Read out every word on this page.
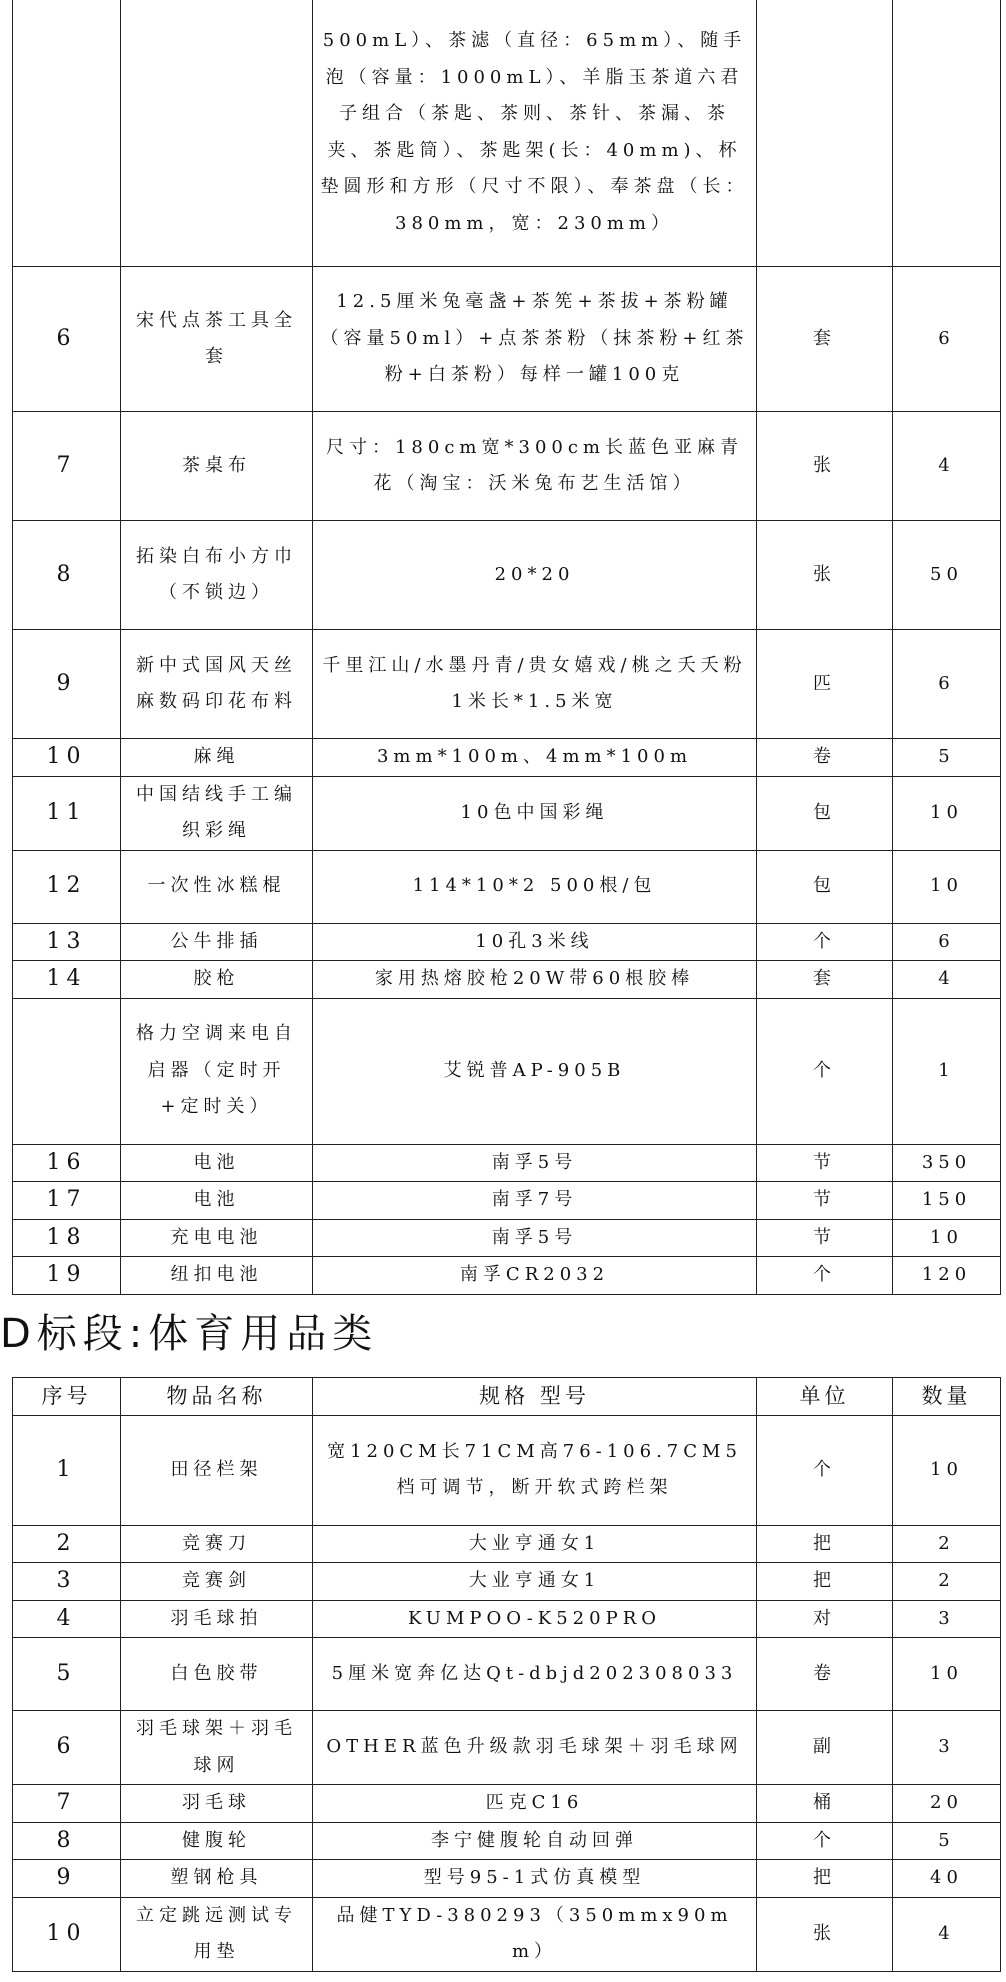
		500mL）、茶滤（直径：65mm）、随手泡（容量：1000mL）、羊脂玉茶道六君子组合（茶匙、茶则、茶针、茶漏、茶夹、茶匙筒）、茶匙架(长：40mm)、杯垫圆形和方形（尺寸不限）、奉茶盘（长：380mm，宽：230mm）		
6	宋代点茶工具全套	12.5厘米兔毫盏+茶筅+茶拔+茶粉罐（容量50ml）+点茶茶粉（抹茶粉+红茶粉+白茶粉）每样一罐100克	套	6
7	茶桌布	尺寸：180cm宽*300cm长蓝色亚麻青花（淘宝：沃米兔布艺生活馆）	张	4
8	拓染白布小方巾（不锁边）	20*20	张	50
9	新中式国风天丝麻数码印花布料	千里江山/水墨丹青/贵女嬉戏/桃之夭夭粉1米长*1.5米宽	匹	6
10	麻绳	3mm*100m、4mm*100m	卷	5
11	中国结线手工编织彩绳	10色中国彩绳	包	10
12	一次性冰糕棍	114*10*2 500根/包	包	10
13	公牛排插	10孔3米线	个	6
14	胶枪	家用热熔胶枪20W带60根胶棒	套	4
	格力空调来电自启器（定时开+定时关）	艾锐普AP-905B	个	1
16	电池	南孚5号	节	350
17	电池	南孚7号	节	150
18	充电电池	南孚5号	节	10
19	纽扣电池	南孚CR2032	个	120
D标段:体育用品类
序号	物品名称	规格 型号	单位	数量
1	田径栏架	宽120CM长71CM高76-106.7CM5档可调节，断开软式跨栏架	个	10
2	竞赛刀	大业亨通女1	把	2
3	竞赛剑	大业亨通女1	把	2
4	羽毛球拍	KUMPOO-K520PRO	对	3
5	白色胶带	5厘米宽奔亿达Qt-dbjd202308033	卷	10
6	羽毛球架＋羽毛球网	OTHER蓝色升级款羽毛球架＋羽毛球网	副	3
7	羽毛球	匹克C16	桶	20
8	健腹轮	李宁健腹轮自动回弹	个	5
9	塑钢枪具	型号95-1式仿真模型	把	40
10	立定跳远测试专用垫	品健TYD-380293（350mmx90mm）	张	4
